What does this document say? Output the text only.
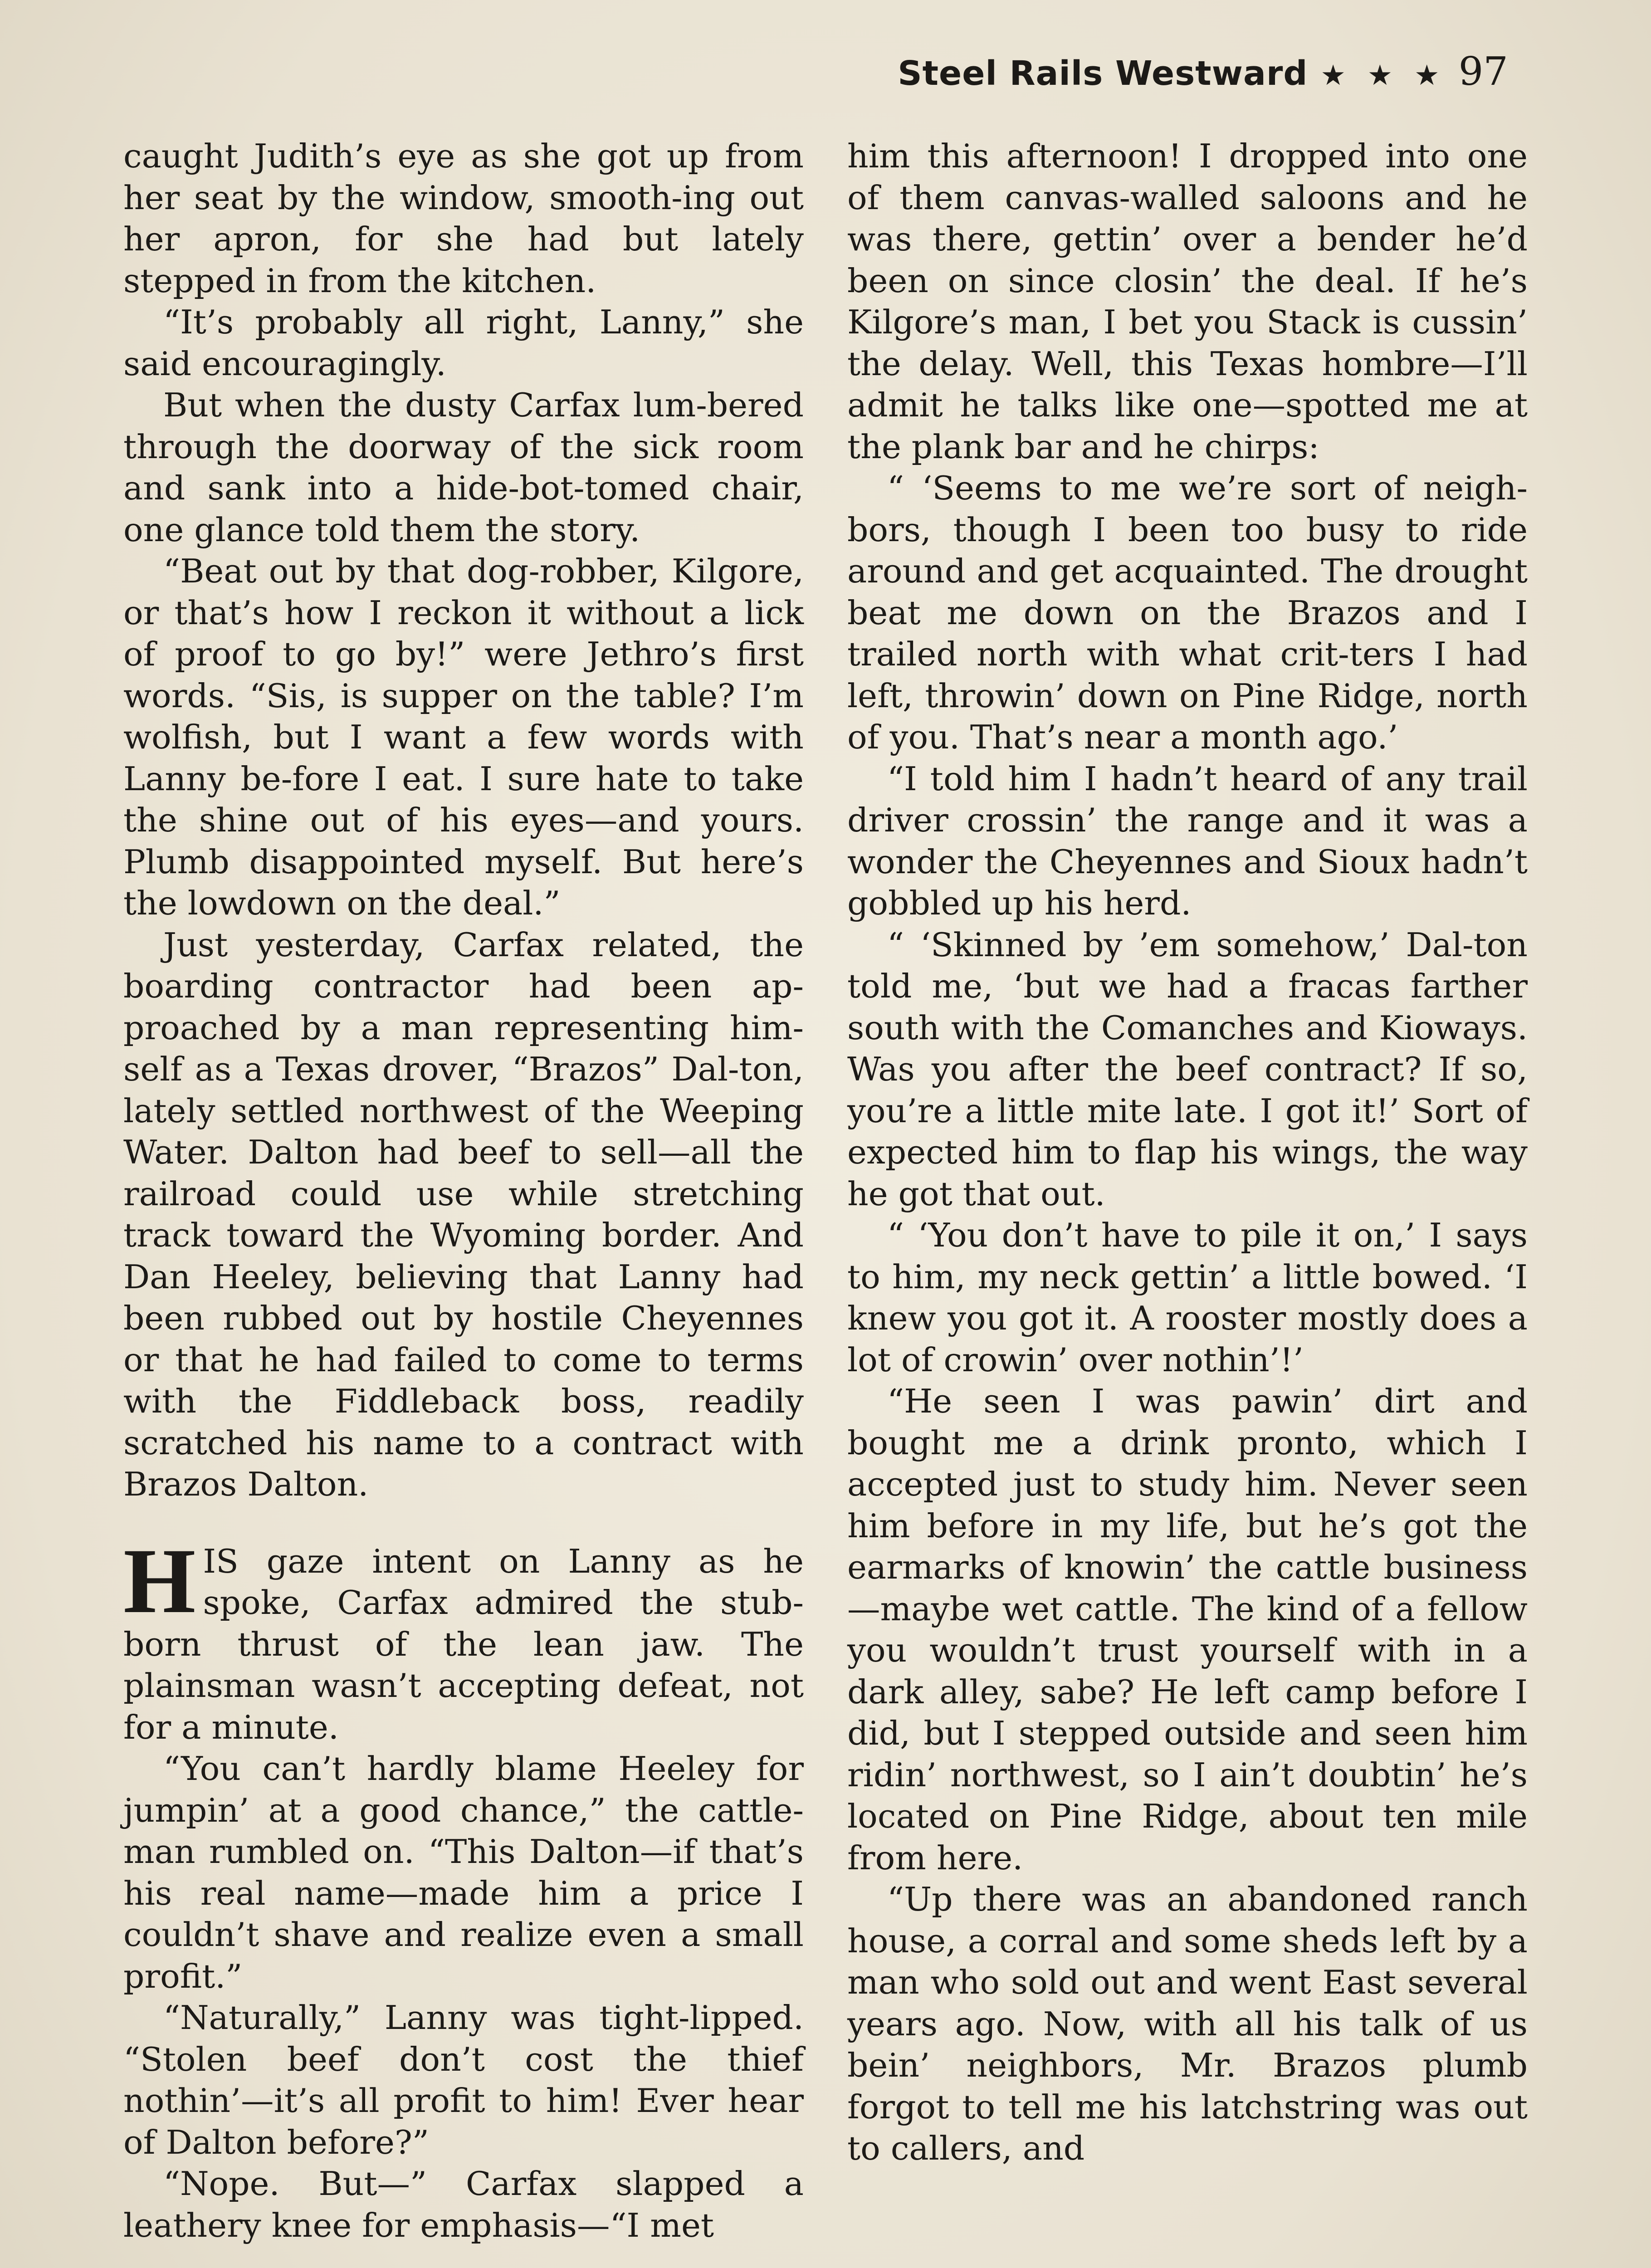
Steel Rails Westward ★ ★ ★ 97

caught Judith’s eye as she got up from her seat by the window, smooth-ing out her apron, for she had but lately stepped in from the kitchen.

“It’s probably all right, Lanny,” she said encouragingly.

But when the dusty Carfax lum-bered through the doorway of the sick room and sank into a hide-bot-tomed chair, one glance told them the story.

“Beat out by that dog-robber, Kilgore, or that’s how I reckon it without a lick of proof to go by!” were Jethro’s first words. “Sis, is supper on the table? I’m wolfish, but I want a few words with Lanny be-fore I eat. I sure hate to take the shine out of his eyes—and yours. Plumb disappointed myself. But here’s the lowdown on the deal.”

Just yesterday, Carfax related, the boarding contractor had been ap-proached by a man representing him-self as a Texas drover, “Brazos” Dal-ton, lately settled northwest of the Weeping Water. Dalton had beef to sell—all the railroad could use while stretching track toward the Wyoming border. And Dan Heeley, believing that Lanny had been rubbed out by hostile Cheyennes or that he had failed to come to terms with the Fiddleback boss, readily scratched his name to a contract with Brazos Dalton.

HIS gaze intent on Lanny as he spoke, Carfax admired the stub-born thrust of the lean jaw. The plainsman wasn’t accepting defeat, not for a minute.

“You can’t hardly blame Heeley for jumpin’ at a good chance,” the cattle-man rumbled on. “This Dalton—if that’s his real name—made him a price I couldn’t shave and realize even a small profit.”

“Naturally,” Lanny was tight-lipped. “Stolen beef don’t cost the thief nothin’—it’s all profit to him! Ever hear of Dalton before?”

“Nope. But—” Carfax slapped a leathery knee for emphasis—“I met

him this afternoon! I dropped into one of them canvas-walled saloons and he was there, gettin’ over a bender he’d been on since closin’ the deal. If he’s Kilgore’s man, I bet you Stack is cussin’ the delay. Well, this Texas hombre—I’ll admit he talks like one—spotted me at the plank bar and he chirps:

“ ‘Seems to me we’re sort of neigh-bors, though I been too busy to ride around and get acquainted. The drought beat me down on the Brazos and I trailed north with what crit-ters I had left, throwin’ down on Pine Ridge, north of you. That’s near a month ago.’

“I told him I hadn’t heard of any trail driver crossin’ the range and it was a wonder the Cheyennes and Sioux hadn’t gobbled up his herd.

“ ‘Skinned by ’em somehow,’ Dal-ton told me, ‘but we had a fracas farther south with the Comanches and Kioways. Was you after the beef contract? If so, you’re a little mite late. I got it!’ Sort of expected him to flap his wings, the way he got that out.

“ ‘You don’t have to pile it on,’ I says to him, my neck gettin’ a little bowed. ‘I knew you got it. A rooster mostly does a lot of crowin’ over nothin’!’

“He seen I was pawin’ dirt and bought me a drink pronto, which I accepted just to study him. Never seen him before in my life, but he’s got the earmarks of knowin’ the cattle business—maybe wet cattle. The kind of a fellow you wouldn’t trust yourself with in a dark alley, sabe? He left camp before I did, but I stepped outside and seen him ridin’ northwest, so I ain’t doubtin’ he’s located on Pine Ridge, about ten mile from here.

“Up there was an abandoned ranch house, a corral and some sheds left by a man who sold out and went East several years ago. Now, with all his talk of us bein’ neighbors, Mr. Brazos plumb forgot to tell me his latchstring was out to callers, and
